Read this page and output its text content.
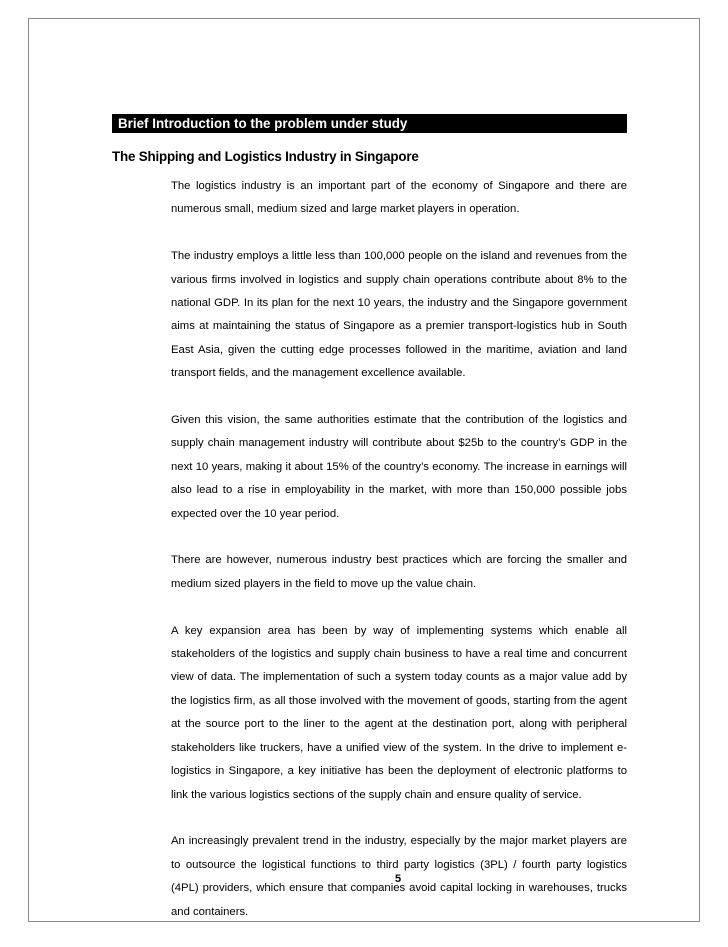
Brief Introduction to the problem under study
The Shipping and Logistics Industry in Singapore

The logistics industry is an important part of the economy of Singapore and there are numerous small, medium sized and large market players in operation.

The industry employs a little less than 100,000 people on the island and revenues from the various firms involved in logistics and supply chain operations contribute about 8% to the national GDP. In its plan for the next 10 years, the industry and the Singapore government aims at maintaining the status of Singapore as a premier transport-logistics hub in South East Asia, given the cutting edge processes followed in the maritime, aviation and land transport fields, and the management excellence available.

Given this vision, the same authorities estimate that the contribution of the logistics and supply chain management industry will contribute about $25b to the country’s GDP in the next 10 years, making it about 15% of the country’s economy. The increase in earnings will also lead to a rise in employability in the market, with more than 150,000 possible jobs expected over the 10 year period.

There are however, numerous industry best practices which are forcing the smaller and medium sized players in the field to move up the value chain.

A key expansion area has been by way of implementing systems which enable all stakeholders of the logistics and supply chain business to have a real time and concurrent view of data. The implementation of such a system today counts as a major value add by the logistics firm, as all those involved with the movement of goods, starting from the agent at the source port to the liner to the agent at the destination port, along with peripheral stakeholders like truckers, have a unified view of the system. In the drive to implement e-logistics in Singapore, a key initiative has been the deployment of electronic platforms to link the various logistics sections of the supply chain and ensure quality of service.

An increasingly prevalent trend in the industry, especially by the major market players are to outsource the logistical functions to third party logistics (3PL) / fourth party logistics (4PL) providers, which ensure that companies avoid capital locking in warehouses, trucks and containers.

5
